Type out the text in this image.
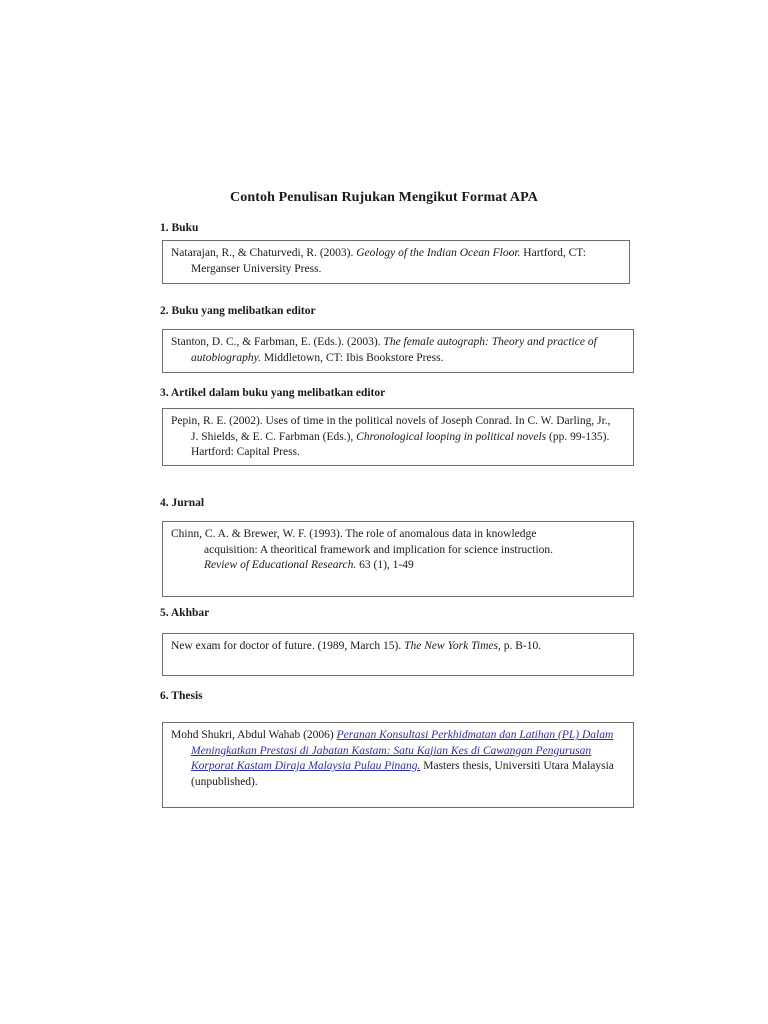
Contoh Penulisan Rujukan Mengikut Format APA
1. Buku
Natarajan, R., & Chaturvedi, R. (2003). Geology of the Indian Ocean Floor. Hartford, CT:
Merganser University Press.
2. Buku yang melibatkan editor
Stanton, D. C., & Farbman, E. (Eds.). (2003). The female autograph: Theory and practice of
autobiography. Middletown, CT: Ibis Bookstore Press.
3. Artikel dalam buku yang melibatkan editor
Pepin, R. E. (2002). Uses of time in the political novels of Joseph Conrad. In C. W. Darling, Jr.,
J. Shields, & E. C. Farbman (Eds.), Chronological looping in political novels (pp. 99-135).
Hartford: Capital Press.
4. Jurnal
Chinn, C. A. & Brewer, W. F. (1993). The role of anomalous data in knowledge
acquisition: A theoritical framework and implication for science instruction.
Review of Educational Research. 63 (1), 1-49
5. Akhbar
New exam for doctor of future. (1989, March 15). The New York Times, p. B-10.
6. Thesis
Mohd Shukri, Abdul Wahab (2006) Peranan Konsultasi Perkhidmatan dan Latihan (PL) Dalam
Meningkatkan Prestasi di Jabatan Kastam: Satu Kajian Kes di Cawangan Pengurusan
Korporat Kastam Diraja Malaysia Pulau Pinang. Masters thesis, Universiti Utara Malaysia
(unpublished).
